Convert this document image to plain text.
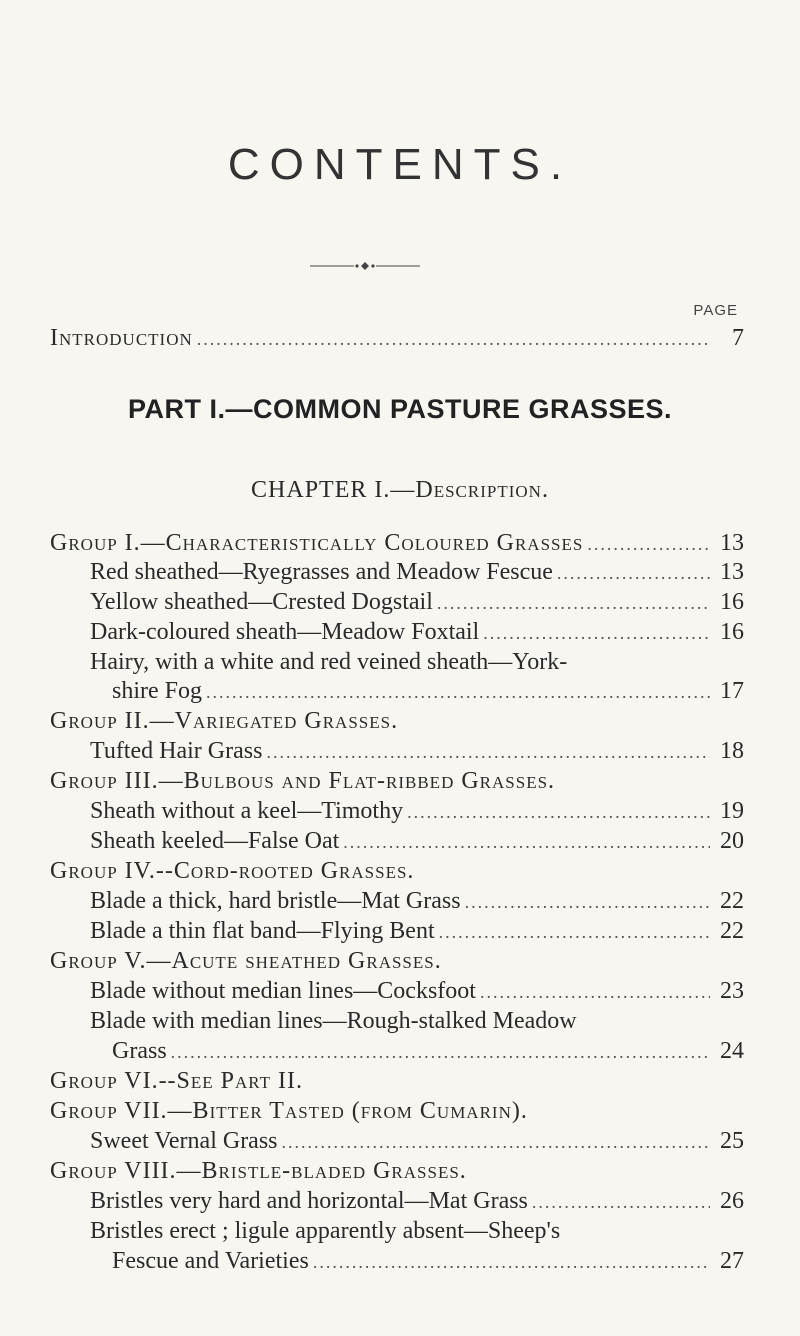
CONTENTS.
PAGE
Introduction .....	7
PART I.—COMMON PASTURE GRASSES.
CHAPTER I.—Description.
Group I.—Characteristically Coloured Grasses .....	13
Red sheathed—Ryegrasses and Meadow Fescue .....	13
Yellow sheathed—Crested Dogstail .....	16
Dark-coloured sheath—Meadow Foxtail .....	16
Hairy, with a white and red veined sheath—York-
shire Fog .....	17
Group II.—Variegated Grasses.
Tufted Hair Grass .....	18
Group III.—Bulbous and Flat-ribbed Grasses.
Sheath without a keel—Timothy .....	19
Sheath keeled—False Oat .....	20
Group IV.--Cord-rooted Grasses.
Blade a thick, hard bristle—Mat Grass .....	22
Blade a thin flat band—Flying Bent .....	22
Group V.—Acute sheathed Grasses.
Blade without median lines—Cocksfoot .....	23
Blade with median lines—Rough-stalked Meadow
Grass .....	24
Group VI.--See Part II.
Group VII.—Bitter Tasted (from Cumarin).
Sweet Vernal Grass .....	25
Group VIII.—Bristle-bladed Grasses.
Bristles very hard and horizontal—Mat Grass .....	26
Bristles erect ; ligule apparently absent—Sheep's
Fescue and Varieties .....	27
